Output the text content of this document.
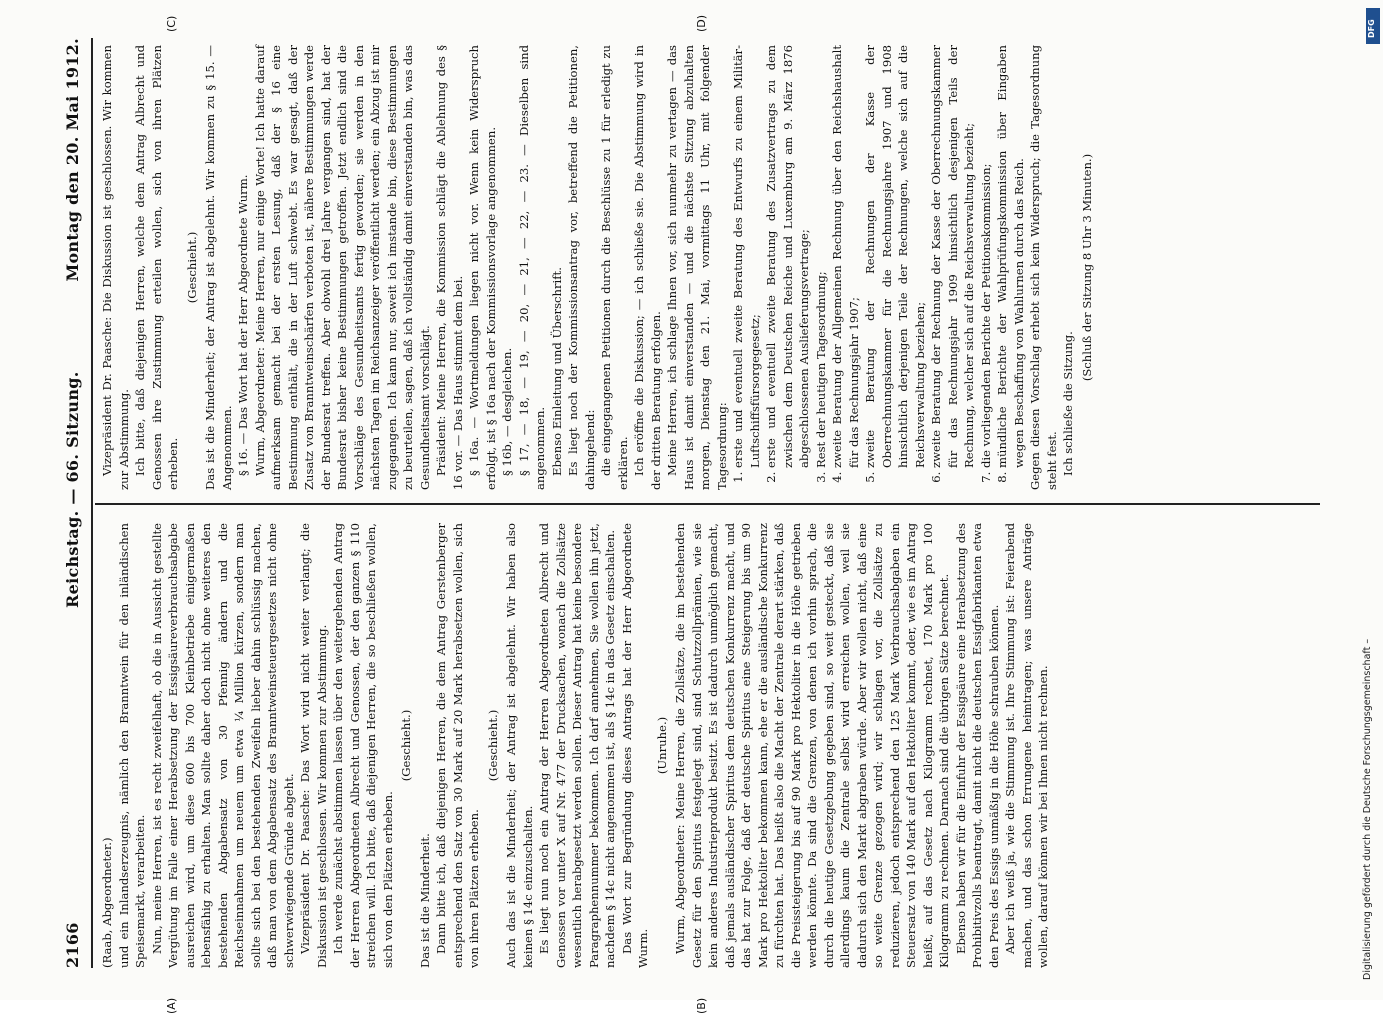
2166
Reichstag. — 66. Sitzung.
Montag den 20. Mai 1912.

(Raab, Abgeordneter.) und ein Inlandserzeugnis, nämlich den Branntwein für den inländischen Speisemarkt, verarbeiten. Nun, meine Herren, ist es recht zweifelhaft, ob die in Aussicht gestellte Vergütung im Falle einer Herabsetzung der Essigsäureverbrauchsabgabe ausreichen wird, um diese 600 bis 700 Kleinbetriebe einigermaßen lebensfähig zu erhalten. Man sollte daher doch nicht ohne weiteres den bestehenden Abgabensatz von 30 Pfennig ändern und die Reichseinnahmen um neuem um etwa ¼ Million kürzen, sondern man sollte sich bei den bestehenden Zweifeln lieber dahin schlüssig machen, daß man von dem Abgabensatz des Branntweinsteuergesetzes nicht ohne schwerwiegende Gründe abgeht. Vizepräsident Dr. Paasche: Das Wort wird nicht weiter verlangt; die Diskussion ist geschlossen. Wir kommen zur Abstimmung. Ich werde zunächst abstimmen lassen über den weitergehenden Antrag der Herren Abgeordneten Albrecht und Genossen, der den ganzen § 110 streichen will. Ich bitte, daß diejenigen Herren, die so beschließen wollen, sich von den Plätzen erheben.

(Geschieht.)

Das ist die Minderheit. Dann bitte ich, daß diejenigen Herren, die dem Antrag Gerstenberger entsprechend den Satz von 30 Mark auf 20 Mark herabsetzen wollen, sich von ihren Plätzen erheben.

(Geschieht.) Auch das ist die Minderheit; der Antrag ist abgelehnt. Wir haben also keinen § 14c einzuschalten. Es liegt nun noch ein Antrag der Herren Abgeordneten Albrecht und Genossen vor unter X auf Nr. 477 der Drucksachen, wonach die Zollsätze wesentlich herabgesetzt werden sollen. Dieser Antrag hat keine besondere Paragraphennummer bekommen. Ich darf annehmen, Sie wollen ihn jetzt, nachdem § 14c nicht angenommen ist, als § 14c in das Gesetz einschalten. Das Wort zur Begründung dieses Antrags hat der Herr Abgeordnete Wurm.

(Unruhe.) Wurm, Abgeordneter: Meine Herren, die Zollsätze, die im bestehenden Gesetz für den Spiritus festgelegt sind, sind Schutzzollprämien, wie sie kein anderes Industrieprodukt besitzt. Es ist dadurch unmöglich gemacht, daß jemals ausländischer Spiritus dem deutschen Konkurrenz macht, und das hat zur Folge, daß der deutsche Spiritus eine Steigerung bis um 90 Mark pro Hektoliter bekommen kann, ehe er die ausländische Konkurrenz zu fürchten hat. Das heißt also die Macht der Zentrale derart stärken, daß die Preissteigerung bis auf 90 Mark pro Hektoliter in die Höhe getrieben werden könnte. Da sind die Grenzen, von denen ich vorhin sprach, die durch die heutige Gesetzgebung gegeben sind, so weit gesteckt, daß sie allerdings kaum die Zentrale selbst wird erreichen wollen, weil sie dadurch sich den Markt abgraben würde. Aber wir wollen nicht, daß eine so weite Grenze gezogen wird; wir schlagen vor, die Zollsätze zu reduzieren, jedoch entsprechend den 125 Mark Verbrauchsabgaben ein Steuersatz von 140 Mark auf den Hektoliter kommt, oder, wie es im Antrag heißt, auf das Gesetz nach Kilogramm rechnet, 170 Mark pro 100 Kilogramm zu rechnen. Darnach sind die übrigen Sätze berechnet. Ebenso haben wir für die Einfuhr der Essigsäure eine Herabsetzung des Prohibitivzolls beantragt, damit nicht die deutschen Essigfabrikanten etwa den Preis des Essigs unmäßig in die Höhe schrauben können. Aber ich weiß ja, wie die Stimmung ist. Ihre Stimmung ist: Feierabend machen, und das schon Errungene heimtragen; was unsere Anträge wollen, darauf können wir bei Ihnen nicht rechnen.

Vizepräsident Dr. Paasche: Die Diskussion ist geschlossen. Wir kommen zur Abstimmung. Ich bitte, daß diejenigen Herren, welche dem Antrag Albrecht und Genossen ihre Zustimmung erteilen wollen, sich von ihren Plätzen erheben.

(Geschieht.) Das ist die Minderheit; der Antrag ist abgelehnt. Wir kommen zu § 15. — Angenommen. § 16. — Das Wort hat der Herr Abgeordnete Wurm. Wurm, Abgeordneter: Meine Herren, nur einige Worte! Ich hatte darauf aufmerksam gemacht bei der ersten Lesung, daß der § 16 eine Bestimmung enthält, die in der Luft schwebt. Es war gesagt, daß der Zusatz von Branntweinschärfen verboten ist, nähere Bestimmungen werde der Bundesrat treffen. Aber obwohl drei Jahre vergangen sind, hat der Bundesrat bisher keine Bestimmungen getroffen. Jetzt endlich sind die Vorschläge des Gesundheitsamts fertig geworden; sie werden in den nächsten Tagen im Reichsanzeiger veröffentlicht werden; ein Abzug ist mir zugegangen. Ich kann nur, soweit ich imstande bin, diese Bestimmungen zu beurteilen, sagen, daß ich vollständig damit einverstanden bin, was das Gesundheitsamt vorschlägt. Präsident: Meine Herren, die Kommission schlägt die Ablehnung des § 16 vor. — Das Haus stimmt dem bei. § 16a. — Wortmeldungen liegen nicht vor. Wenn kein Widerspruch erfolgt, ist § 16a nach der Kommissionsvorlage angenommen. § 16b, — desgleichen. § 17, — 18, — 19, — 20, — 21, — 22, — 23. — Dieselben sind angenommen. Ebenso Einleitung und Überschrift. Es liegt noch der Kommissionsantrag vor, betreffend die Petitionen, dahingehend: die eingegangenen Petitionen durch die Beschlüsse zu 1 für erledigt zu erklären. Ich eröffne die Diskussion; — ich schließe sie. Die Abstimmung wird in der dritten Beratung erfolgen. Meine Herren, ich schlage Ihnen vor, sich nunmehr zu vertagen — das Haus ist damit einverstanden — und die nächste Sitzung abzuhalten morgen, Dienstag den 21. Mai, vormittags 11 Uhr, mit folgender Tagesordnung: 1. erste und eventuell zweite Beratung des Entwurfs zu einem Militär-Luftschiffsfürsorgegesetz; 2. erste und eventuell zweite Beratung des Zusatzvertrags zu dem zwischen dem Deutschen Reiche und Luxemburg am 9. März 1876 abgeschlossenen Auslieferungsvertrage; 3. Rest der heutigen Tagesordnung; 4. zweite Beratung der Allgemeinen Rechnung über den Reichshaushalt für das Rechnungsjahr 1907; 5. zweite Beratung der Rechnungen der Kasse der Oberrechnungskammer für die Rechnungsjahre 1907 und 1908 hinsichtlich derjenigen Teile der Rechnungen, welche sich auf die Reichsverwaltung beziehen; 6. zweite Beratung der Rechnung der Kasse der Oberrechnungskammer für das Rechnungsjahr 1909 hinsichtlich desjenigen Teils der Rechnung, welcher sich auf die Reichsverwaltung bezieht; 7. die vorliegenden Berichte der Petitionskommission; 8. mündliche Berichte der Wahlprüfungskommission über Eingaben wegen Beschaffung von Wahlurnen durch das Reich. Gegen diesen Vorschlag erhebt sich kein Widerspruch; die Tagesordnung steht fest. Ich schließe die Sitzung.

(Schluß der Sitzung 8 Uhr 3 Minuten.)

(A)	(B)
(C)	(D)
Digitalisierung gefördert durch die Deutsche Forschungsgemeinschaft –
DFG
